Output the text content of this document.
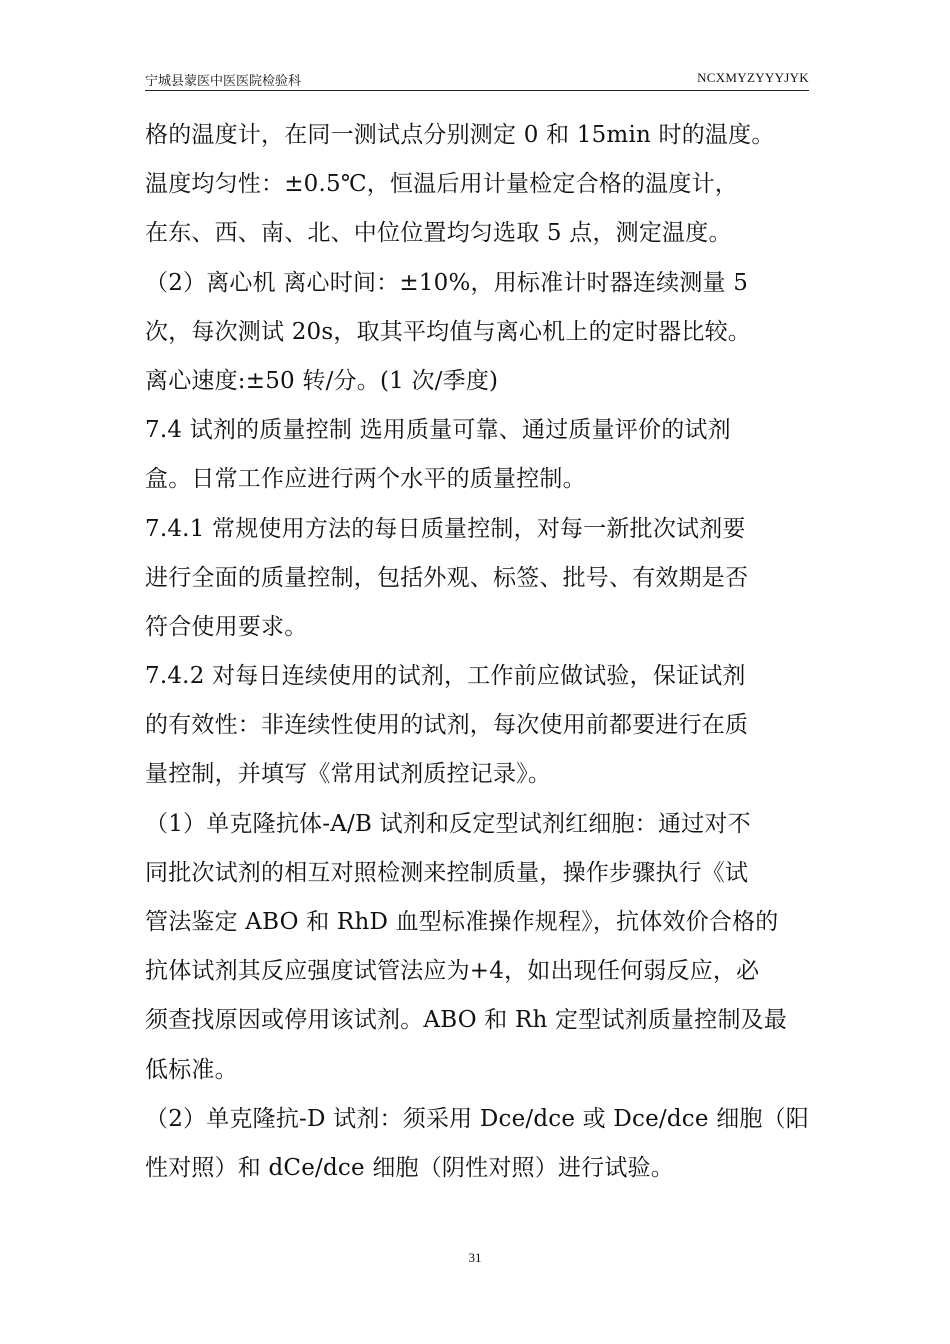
宁城县蒙医中医医院检验科	NCXMYZYYYJYK
格的温度计，在同一测试点分别测定 0 和 15min 时的温度。
温度均匀性：±0.5℃，恒温后用计量检定合格的温度计，
在东、西、南、北、中位位置均匀选取 5 点，测定温度。
（2）离心机 离心时间：±10%，用标准计时器连续测量 5
次，每次测试 20s，取其平均值与离心机上的定时器比较。
离心速度:±50 转/分。(1 次/季度)
7.4 试剂的质量控制 选用质量可靠、通过质量评价的试剂
盒。日常工作应进行两个水平的质量控制。
7.4.1 常规使用方法的每日质量控制，对每一新批次试剂要
进行全面的质量控制，包括外观、标签、批号、有效期是否
符合使用要求。
7.4.2 对每日连续使用的试剂，工作前应做试验，保证试剂
的有效性：非连续性使用的试剂，每次使用前都要进行在质
量控制，并填写《常用试剂质控记录》。
（1）单克隆抗体-A/B 试剂和反定型试剂红细胞：通过对不
同批次试剂的相互对照检测来控制质量，操作步骤执行《试
管法鉴定 ABO 和 RhD 血型标准操作规程》，抗体效价合格的
抗体试剂其反应强度试管法应为+4，如出现任何弱反应，必
须查找原因或停用该试剂。ABO 和 Rh 定型试剂质量控制及最
低标准。
（2）单克隆抗-D 试剂：须采用 Dce/dce 或 Dce/dce 细胞（阳
性对照）和 dCe/dce 细胞（阴性对照）进行试验。
31
